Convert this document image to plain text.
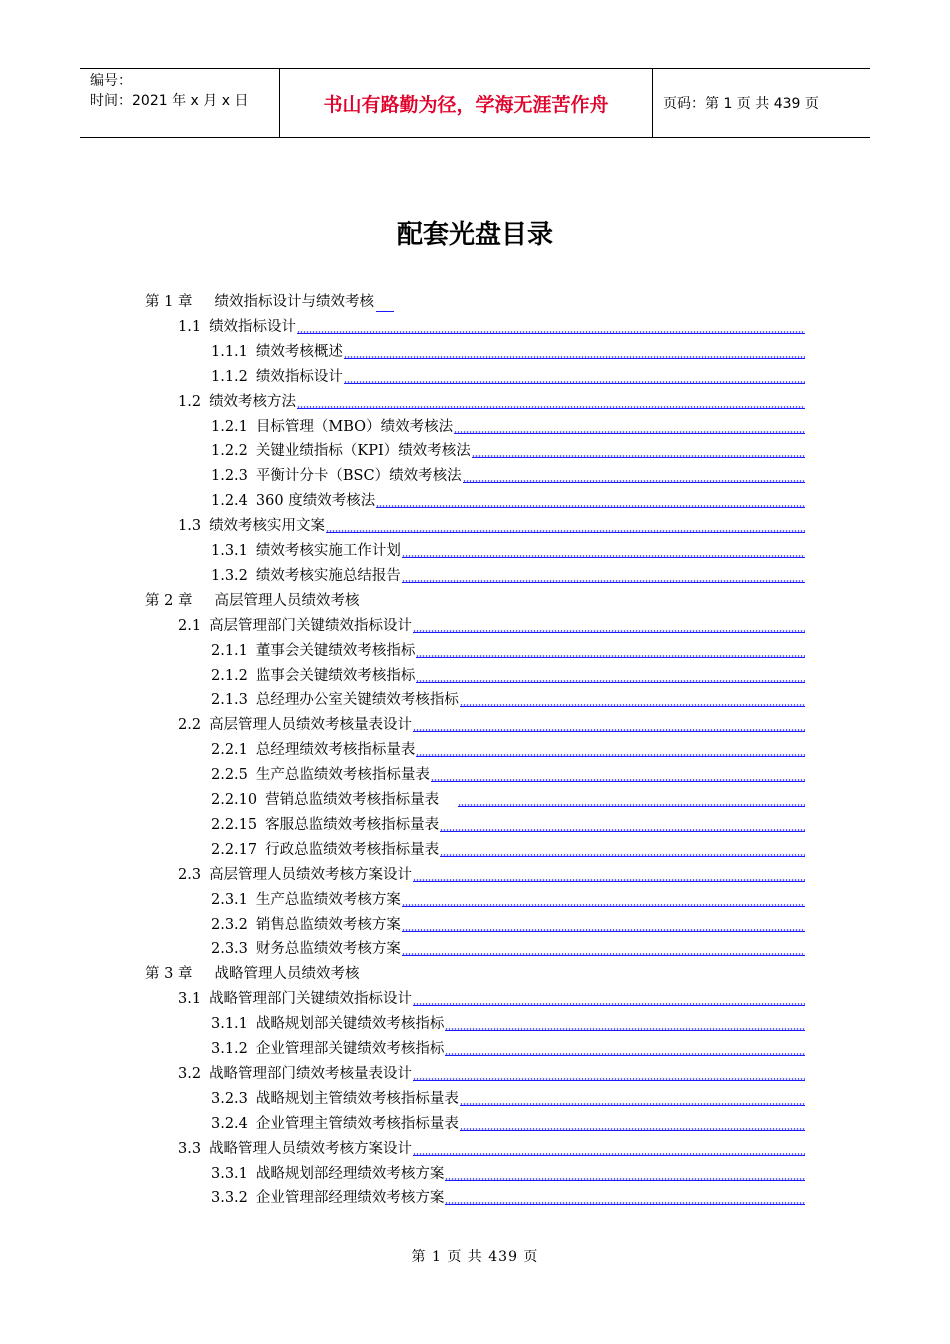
编号：
时间：2021 年 x 月 x 日	书山有路勤为径，学海无涯苦作舟	页码：第 1 页 共 439 页
配套光盘目录
第 1 章	绩效指标设计与绩效考核
1.1 绩效指标设计
1.1.1 绩效考核概述
1.1.2 绩效指标设计
1.2 绩效考核方法
1.2.1 目标管理（MBO）绩效考核法
1.2.2 关键业绩指标（KPI）绩效考核法
1.2.3 平衡计分卡（BSC）绩效考核法
1.2.4 360 度绩效考核法
1.3 绩效考核实用文案
1.3.1 绩效考核实施工作计划
1.3.2 绩效考核实施总结报告
第 2 章	高层管理人员绩效考核
2.1 高层管理部门关键绩效指标设计
2.1.1 董事会关键绩效考核指标
2.1.2 监事会关键绩效考核指标
2.1.3 总经理办公室关键绩效考核指标
2.2 高层管理人员绩效考核量表设计
2.2.1 总经理绩效考核指标量表
2.2.5 生产总监绩效考核指标量表
2.2.10 营销总监绩效考核指标量表
2.2.15 客服总监绩效考核指标量表
2.2.17 行政总监绩效考核指标量表
2.3 高层管理人员绩效考核方案设计
2.3.1 生产总监绩效考核方案
2.3.2 销售总监绩效考核方案
2.3.3 财务总监绩效考核方案
第 3 章	战略管理人员绩效考核
3.1 战略管理部门关键绩效指标设计
3.1.1 战略规划部关键绩效考核指标
3.1.2 企业管理部关键绩效考核指标
3.2 战略管理部门绩效考核量表设计
3.2.3 战略规划主管绩效考核指标量表
3.2.4 企业管理主管绩效考核指标量表
3.3 战略管理人员绩效考核方案设计
3.3.1 战略规划部经理绩效考核方案
3.3.2 企业管理部经理绩效考核方案
第 1 页 共 439 页
